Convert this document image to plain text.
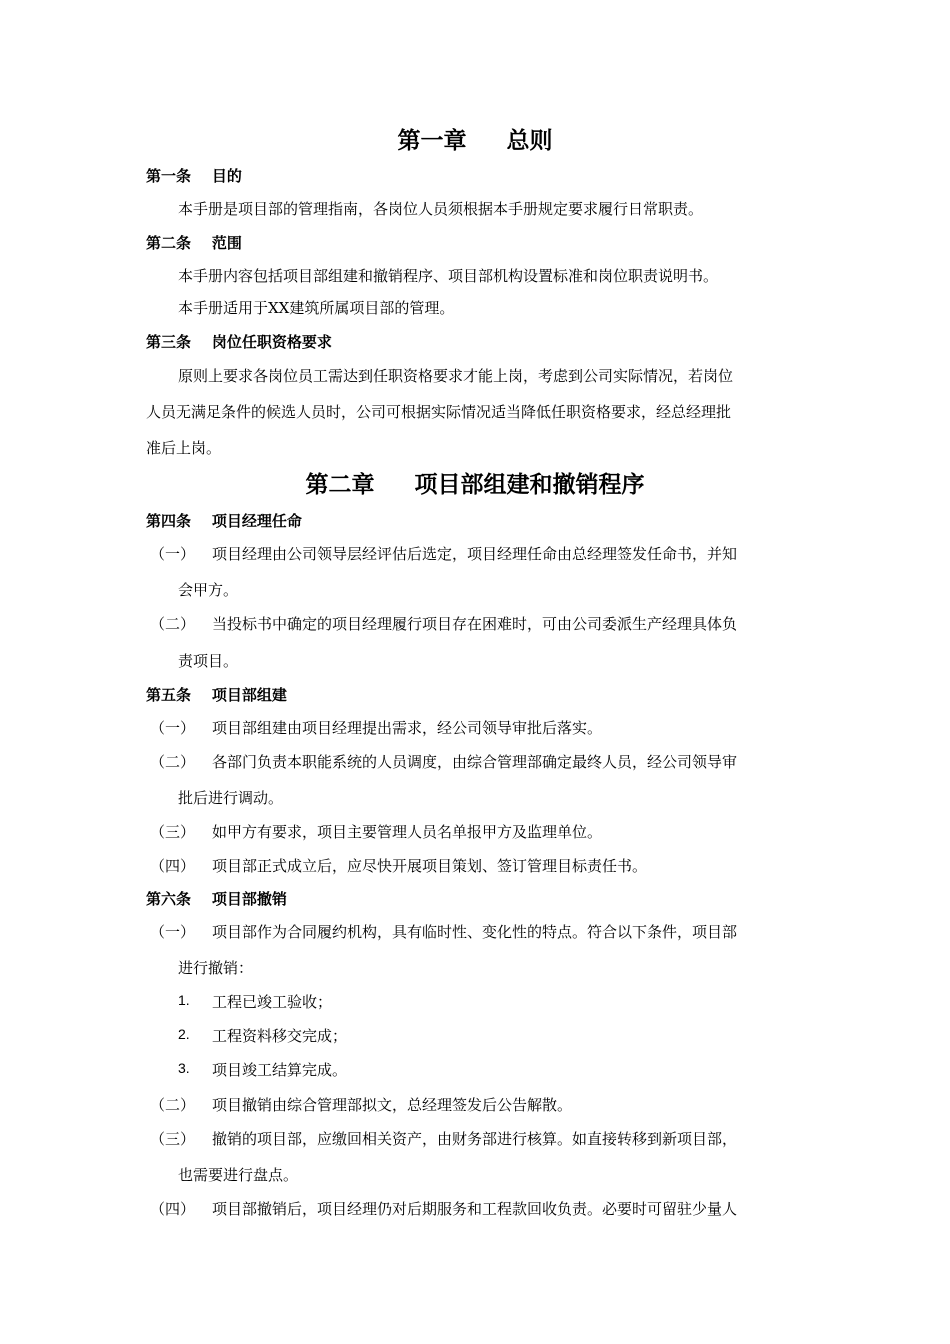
第一章     总则
第一条    目的
本手册是项目部的管理指南，各岗位人员须根据本手册规定要求履行日常职责。
第二条    范围
本手册内容包括项目部组建和撤销程序、项目部机构设置标准和岗位职责说明书。
本手册适用于XX建筑所属项目部的管理。
第三条    岗位任职资格要求
原则上要求各岗位员工需达到任职资格要求才能上岗，考虑到公司实际情况，若岗位
人员无满足条件的候选人员时，公司可根据实际情况适当降低任职资格要求，经总经理批
准后上岗。
第二章     项目部组建和撤销程序
第四条    项目经理任命
（一） 项目经理由公司领导层经评估后选定，项目经理任命由总经理签发任命书，并知
会甲方。
（二） 当投标书中确定的项目经理履行项目存在困难时，可由公司委派生产经理具体负
责项目。
第五条    项目部组建
（一） 项目部组建由项目经理提出需求，经公司领导审批后落实。
（二） 各部门负责本职能系统的人员调度，由综合管理部确定最终人员，经公司领导审
批后进行调动。
（三） 如甲方有要求，项目主要管理人员名单报甲方及监理单位。
（四） 项目部正式成立后，应尽快开展项目策划、签订管理目标责任书。
第六条    项目部撤销
（一） 项目部作为合同履约机构，具有临时性、变化性的特点。符合以下条件，项目部
进行撤销：
1. 工程已竣工验收；
2. 工程资料移交完成；
3. 项目竣工结算完成。
（二） 项目撤销由综合管理部拟文，总经理签发后公告解散。
（三） 撤销的项目部，应缴回相关资产，由财务部进行核算。如直接转移到新项目部，
也需要进行盘点。
（四） 项目部撤销后，项目经理仍对后期服务和工程款回收负责。必要时可留驻少量人
